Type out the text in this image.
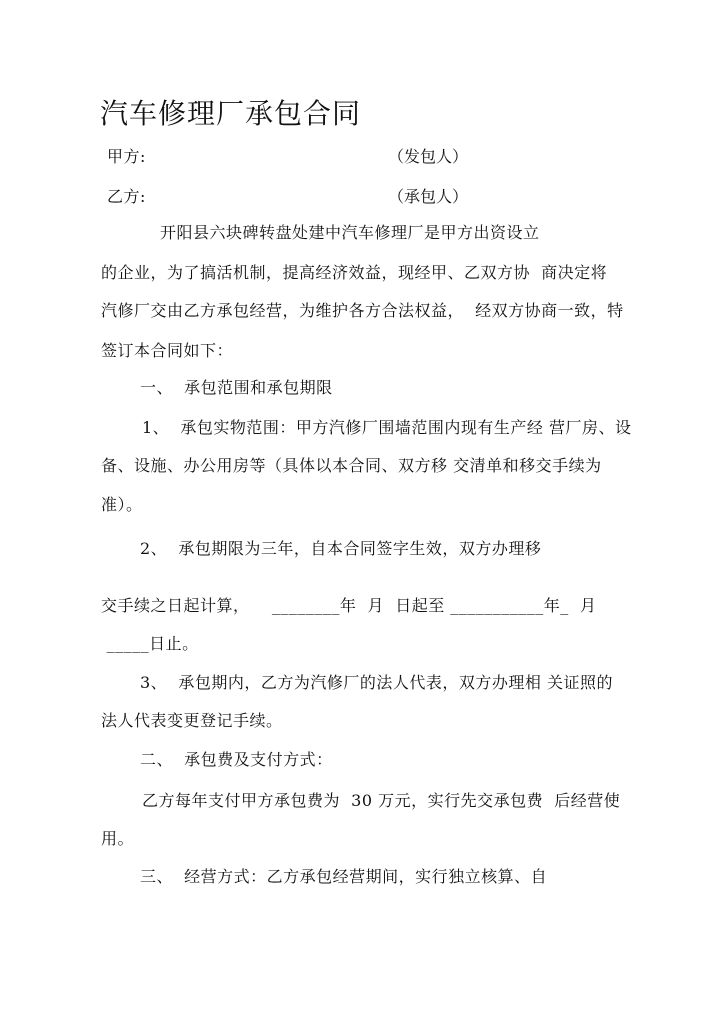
汽车修理厂承包合同
甲方:	（发包人）
乙方:	（承包人）
开阳县六块碑转盘处建中汽车修理厂是甲方出资设立
的企业，为了搞活机制，提高经济效益，现经甲、乙双方协  商决定将
汽修厂交由乙方承包经营，为维护各方合法权益，  经双方协商一致，特
签订本合同如下：
一、  承包范围和承包期限
1、  承包实物范围：甲方汽修厂围墙范围内现有生产经 营厂房、设
备、设施、办公用房等（具体以本合同、双方移 交清单和移交手续为
准）。
2、  承包期限为三年，自本合同签字生效，双方办理移
交手续之日起计算，    ________年  月  日起至 ___________年_  月
_____日止。
3、  承包期内，乙方为汽修厂的法人代表，双方办理相 关证照的
法人代表变更登记手续。
二、  承包费及支付方式：
乙方每年支付甲方承包费为  30 万元，实行先交承包费  后经营使
用。
三、  经营方式：乙方承包经营期间，实行独立核算、自
